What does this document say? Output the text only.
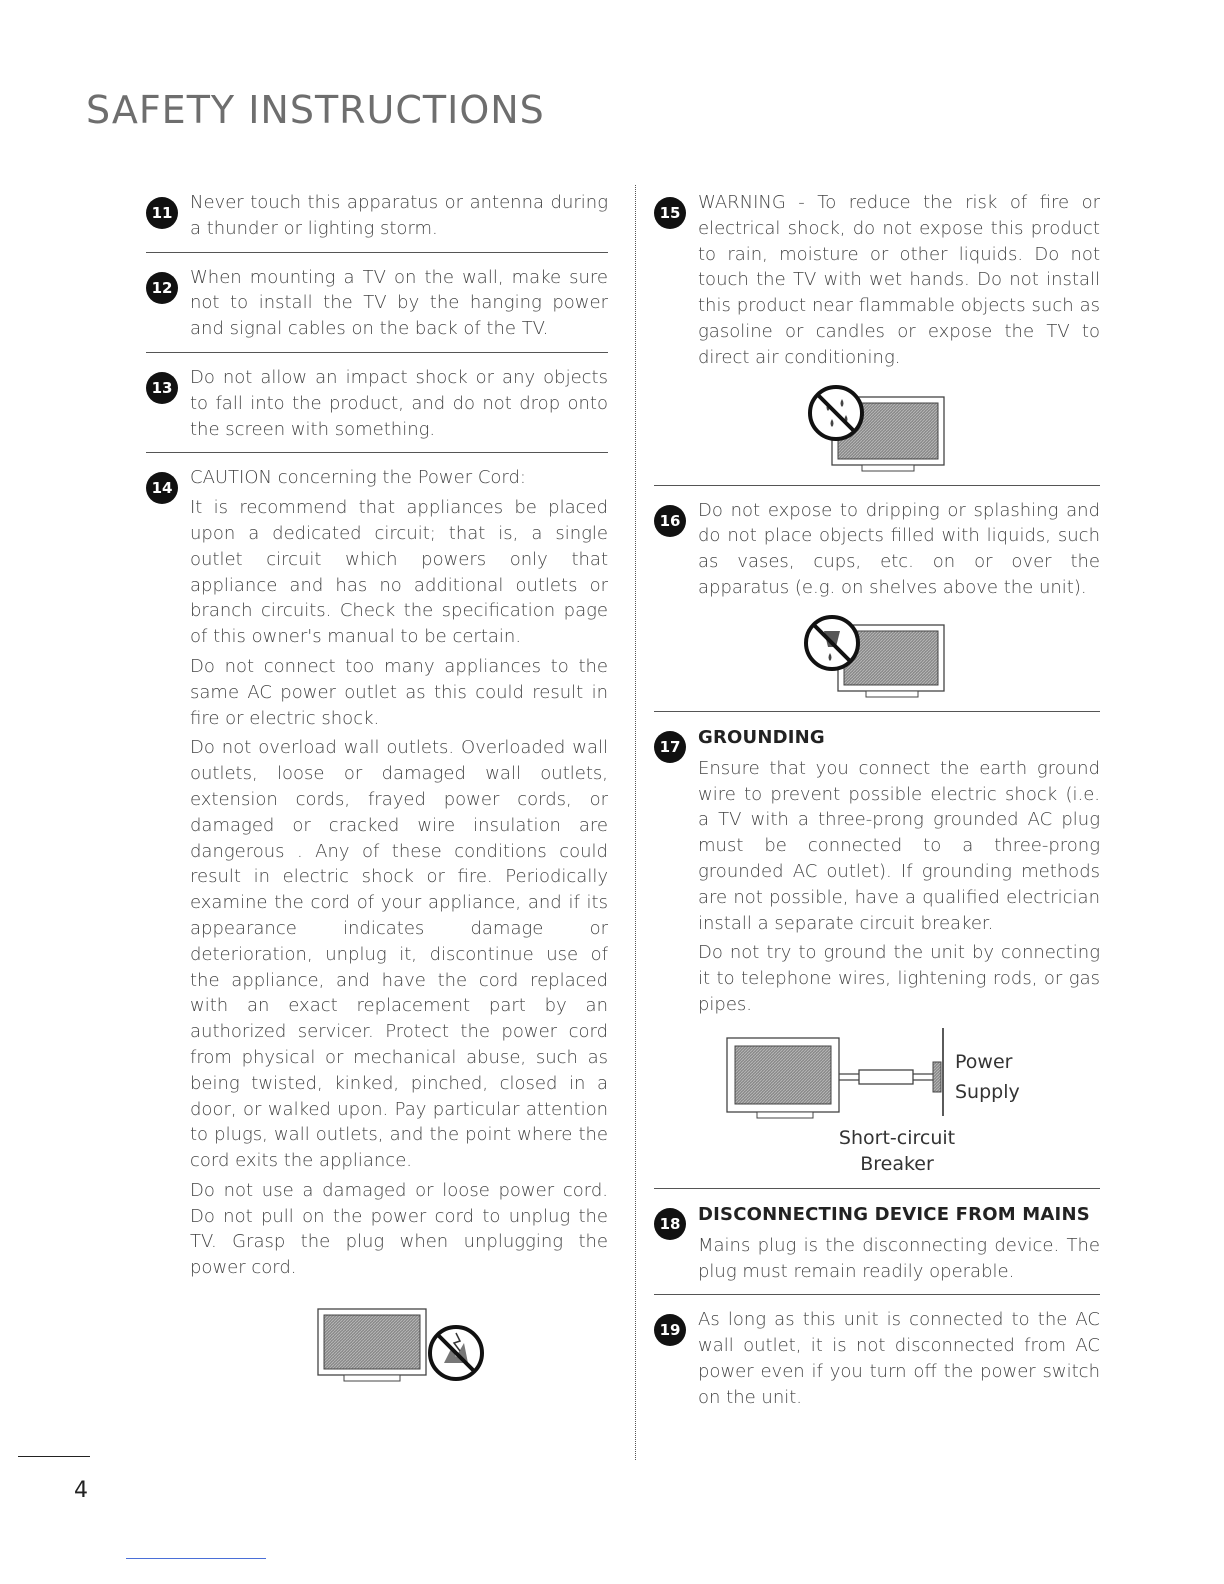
SAFETY INSTRUCTIONS
11 Never touch this apparatus or antenna during a thunder or lighting storm.

12 When mounting a TV on the wall, make sure not to install the TV by the hanging power and signal cables on the back of the TV.

13 Do not allow an impact shock or any objects to fall into the product, and do not drop onto the screen with something.

14 CAUTION concerning the Power Cord:

It is recommend that appliances be placed upon a dedicated circuit; that is, a single outlet circuit which powers only that appliance and has no additional outlets or branch circuits. Check the specification page of this owner's manual to be certain.

Do not connect too many appliances to the same AC power outlet as this could result in fire or electric shock.

Do not overload wall outlets. Overloaded wall outlets, loose or damaged wall outlets, extension cords, frayed power cords, or damaged or cracked wire insulation are dangerous . Any of these conditions could result in electric shock or fire. Periodically examine the cord of your appliance, and if its appearance indicates damage or deterioration, unplug it, discontinue use of the appliance, and have the cord replaced with an exact replacement part by an authorized servicer. Protect the power cord from physical or mechanical abuse, such as being twisted, kinked, pinched, closed in a door, or walked upon. Pay particular attention to plugs, wall outlets, and the point where the cord exits the appliance.

Do not use a damaged or loose power cord. Do not pull on the power cord to unplug the TV. Grasp the plug when unplugging the power cord.

15 WARNING - To reduce the risk of fire or electrical shock, do not expose this product to rain, moisture or other liquids. Do not touch the TV with wet hands. Do not install this product near flammable objects such as gasoline or candles or expose the TV to direct air conditioning.

16 Do not expose to dripping or splashing and do not place objects filled with liquids, such as vases, cups, etc. on or over the apparatus (e.g. on shelves above the unit).

17 GROUNDING

Ensure that you connect the earth ground wire to prevent possible electric shock (i.e. a TV with a three-prong grounded AC plug must be connected to a three-prong grounded AC outlet). If grounding methods are not possible, have a qualified electrician install a separate circuit breaker.

Do not try to ground the unit by connecting it to telephone wires, lightening rods, or gas pipes.

Power
Supply
Short-circuit
Breaker
18 DISCONNECTING DEVICE FROM MAINS

Mains plug is the disconnecting device. The plug must remain readily operable.

19 As long as this unit is connected to the AC wall outlet, it is not disconnected from AC power even if you turn off the power switch on the unit.

4
